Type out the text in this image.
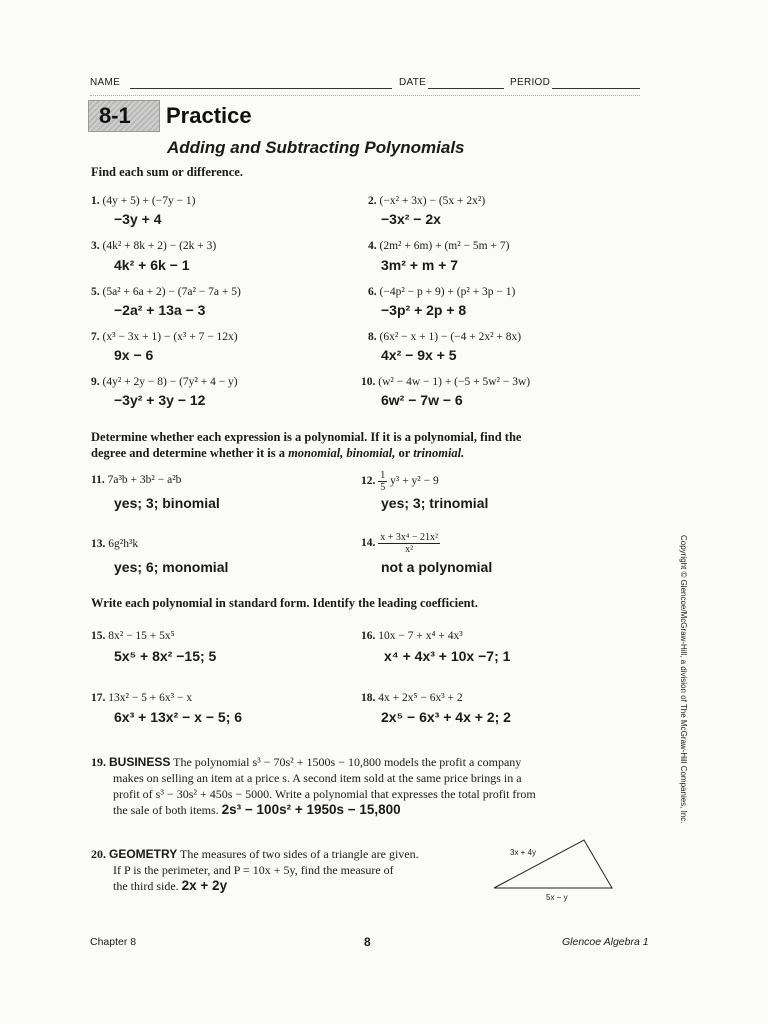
NAME	DATE	PERIOD
8-1 Practice
Adding and Subtracting Polynomials
Find each sum or difference.
1. (4y + 5) + (−7y − 1)
−3y + 4
2. (−x² + 3x) − (5x + 2x²)
−3x² − 2x
3. (4k² + 8k + 2) − (2k + 3)
4k² + 6k − 1
4. (2m² + 6m) + (m² − 5m + 7)
3m² + m + 7
5. (5a² + 6a + 2) − (7a² − 7a + 5)
−2a² + 13a − 3
6. (−4p² − p + 9) + (p² + 3p − 1)
−3p² + 2p + 8
7. (x³ − 3x + 1) − (x³ + 7 − 12x)
9x − 6
8. (6x² − x + 1) − (−4 + 2x² + 8x)
4x² − 9x + 5
9. (4y² + 2y − 8) − (7y² + 4 − y)
−3y² + 3y − 12
10. (w² − 4w − 1) + (−5 + 5w² − 3w)
6w² − 7w − 6
Determine whether each expression is a polynomial. If it is a polynomial, find the
degree and determine whether it is a monomial, binomial, or trinomial.
11. 7a³b + 3b² − a²b
yes; 3; binomial
12. $\frac{1}{5} y^3 + y^2 - 9$
yes; 3; trinomial
13. 6g²h³k
yes; 6; monomial
14. $\frac{\text{x + 3x⁴ − 21x²}}{\text{x²}}$
not a polynomial
Write each polynomial in standard form. Identify the leading coefficient.
15. 8x² − 15 + 5x⁵
5x⁵ + 8x² −15; 5
16. 10x − 7 + x⁴ + 4x³
x⁴ + 4x³ + 10x −7; 1
17. 13x² − 5 + 6x³ − x
6x³ + 13x² − x − 5; 6
18. 4x + 2x⁵ − 6x³ + 2
2x⁵ − 6x³ + 4x + 2; 2
19. BUSINESS The polynomial s³ − 70s² + 1500s − 10,800 models the profit a company
makes on selling an item at a price s. A second item sold at the same price brings in a
profit of s³ − 30s² + 450s − 5000. Write a polynomial that expresses the total profit from
the sale of both items. 2s³ − 100s² + 1950s − 15,800
20. GEOMETRY The measures of two sides of a triangle are given.
If P is the perimeter, and P = 10x + 5y, find the measure of
the third side. 2x + 2y
3x + 4y
5x − y
Copyright © Glencoe/McGraw-Hill, a division of The McGraw-Hill Companies, Inc.
Chapter 8	8	Glencoe Algebra 1
